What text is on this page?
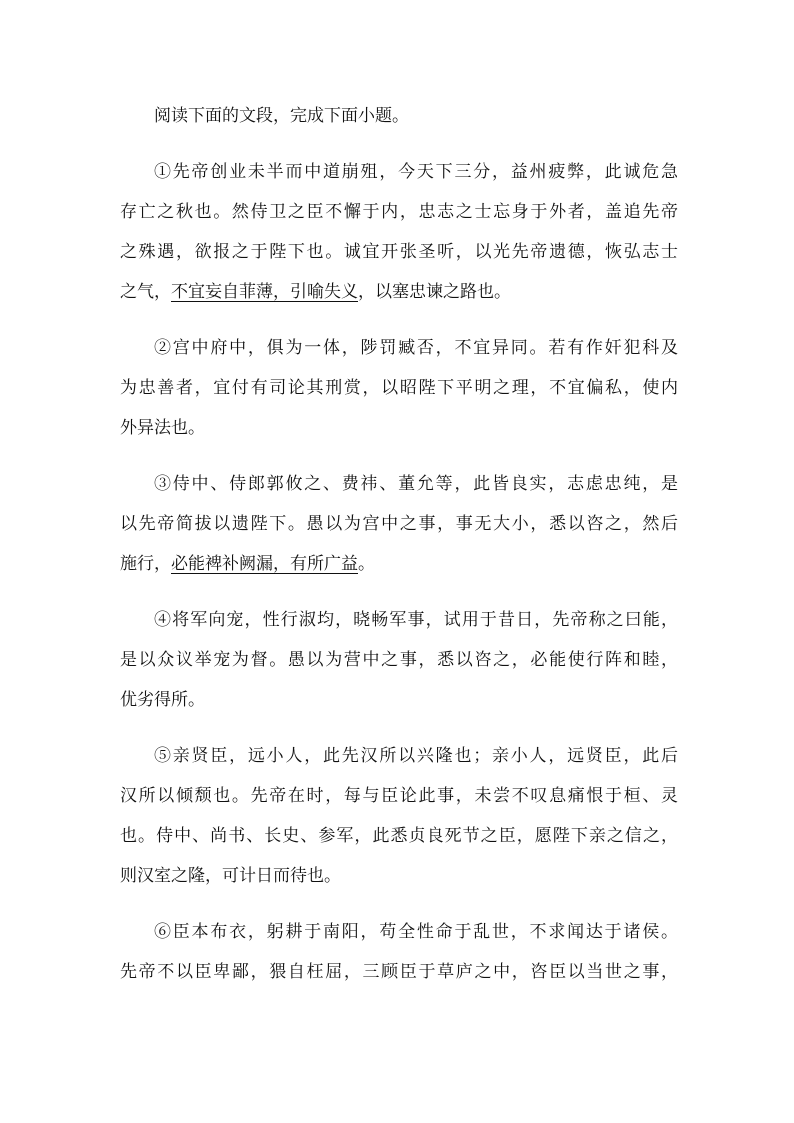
阅读下面的文段，完成下面小题。

①先帝创业未半而中道崩殂，今天下三分，益州疲弊，此诚危急
存亡之秋也。然侍卫之臣不懈于内，忠志之士忘身于外者，盖追先帝
之殊遇，欲报之于陛下也。诚宜开张圣听，以光先帝遗德，恢弘志士
之气，不宜妄自菲薄，引喻失义，以塞忠谏之路也。
②宫中府中，俱为一体，陟罚臧否，不宜异同。若有作奸犯科及
为忠善者，宜付有司论其刑赏，以昭陛下平明之理，不宜偏私，使内
外异法也。
③侍中、侍郎郭攸之、费祎、董允等，此皆良实，志虑忠纯，是
以先帝简拔以遗陛下。愚以为宫中之事，事无大小，悉以咨之，然后
施行，必能裨补阙漏，有所广益。
④将军向宠，性行淑均，晓畅军事，试用于昔日，先帝称之曰能，
是以众议举宠为督。愚以为营中之事，悉以咨之，必能使行阵和睦，
优劣得所。
⑤亲贤臣，远小人，此先汉所以兴隆也；亲小人，远贤臣，此后
汉所以倾颓也。先帝在时，每与臣论此事，未尝不叹息痛恨于桓、灵
也。侍中、尚书、长史、参军，此悉贞良死节之臣，愿陛下亲之信之，
则汉室之隆，可计日而待也。
⑥臣本布衣，躬耕于南阳，苟全性命于乱世，不求闻达于诸侯。
先帝不以臣卑鄙，猥自枉屈，三顾臣于草庐之中，咨臣以当世之事，
